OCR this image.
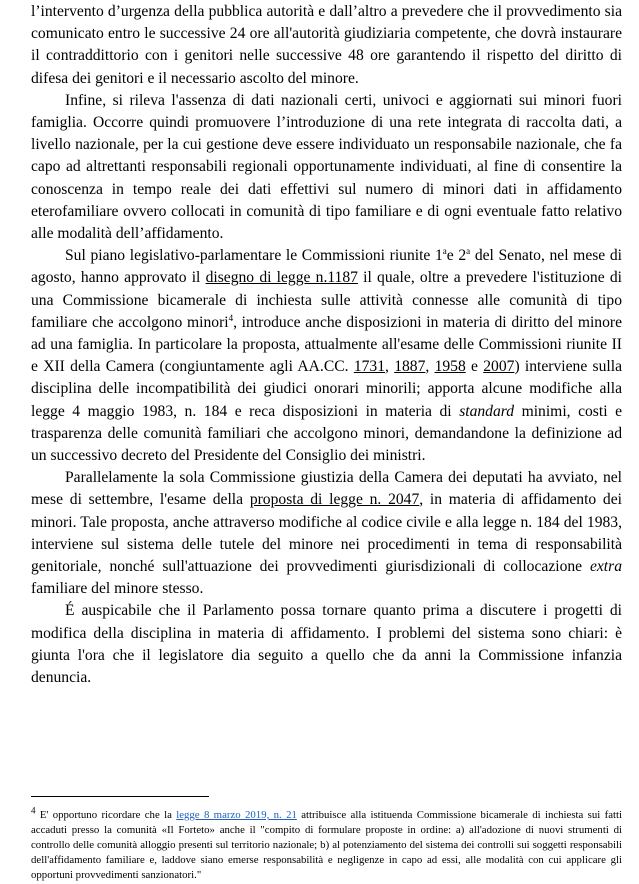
l’intervento d’urgenza della pubblica autorità e dall’altro a prevedere che il provvedimento sia comunicato entro le successive 24 ore all'autorità giudiziaria competente, che dovrà instaurare il contraddittorio con i genitori nelle successive 48 ore garantendo il rispetto del diritto di difesa dei genitori e il necessario ascolto del minore.

Infine, si rileva l'assenza di dati nazionali certi, univoci e aggiornati sui minori fuori famiglia. Occorre quindi promuovere l’introduzione di una rete integrata di raccolta dati, a livello nazionale, per la cui gestione deve essere individuato un responsabile nazionale, che fa capo ad altrettanti responsabili regionali opportunamente individuati, al fine di consentire la conoscenza in tempo reale dei dati effettivi sul numero di minori dati in affidamento eterofamiliare ovvero collocati in comunità di tipo familiare e di ogni eventuale fatto relativo alle modalità dell’affidamento.

Sul piano legislativo-parlamentare le Commissioni riunite 1$^a$e 2$^a$ del Senato, nel mese di agosto, hanno approvato il disegno di legge n.1187 il quale, oltre a prevedere l'istituzione di una Commissione bicamerale di inchiesta sulle attività connesse alle comunità di tipo familiare che accolgono minori$^4$, introduce anche disposizioni in materia di diritto del minore ad una famiglia. In particolare la proposta, attualmente all'esame delle Commissioni riunite II e XII della Camera (congiuntamente agli AA.CC. 1731, 1887, 1958 e 2007) interviene sulla disciplina delle incompatibilità dei giudici onorari minorili; apporta alcune modifiche alla legge 4 maggio 1983, n. 184 e reca disposizioni in materia di standard minimi, costi e trasparenza delle comunità familiari che accolgono minori, demandandone la definizione ad un successivo decreto del Presidente del Consiglio dei ministri.

Parallelamente la sola Commissione giustizia della Camera dei deputati ha avviato, nel mese di settembre, l'esame della proposta di legge n. 2047, in materia di affidamento dei minori. Tale proposta, anche attraverso modifiche al codice civile e alla legge n. 184 del 1983, interviene sul sistema delle tutele del minore nei procedimenti in tema di responsabilità genitoriale, nonché sull'attuazione dei provvedimenti giurisdizionali di collocazione extra familiare del minore stesso.

É auspicabile che il Parlamento possa tornare quanto prima a discutere i progetti di modifica della disciplina in materia di affidamento. I problemi del sistema sono chiari: è giunta l'ora che il legislatore dia seguito a quello che da anni la Commissione infanzia denuncia.

$^4$ E' opportuno ricordare che la legge 8 marzo 2019, n. 21 attribuisce alla istituenda Commissione bicamerale di inchiesta sui fatti accaduti presso la comunità «Il Forteto» anche il "compito di formulare proposte in ordine: a) all'adozione di nuovi strumenti di controllo delle comunità alloggio presenti sul territorio nazionale; b) al potenziamento del sistema dei controlli sui soggetti responsabili dell'affidamento familiare e, laddove siano emerse responsabilità e negligenze in capo ad essi, alle modalità con cui applicare gli opportuni provvedimenti sanzionatori."
